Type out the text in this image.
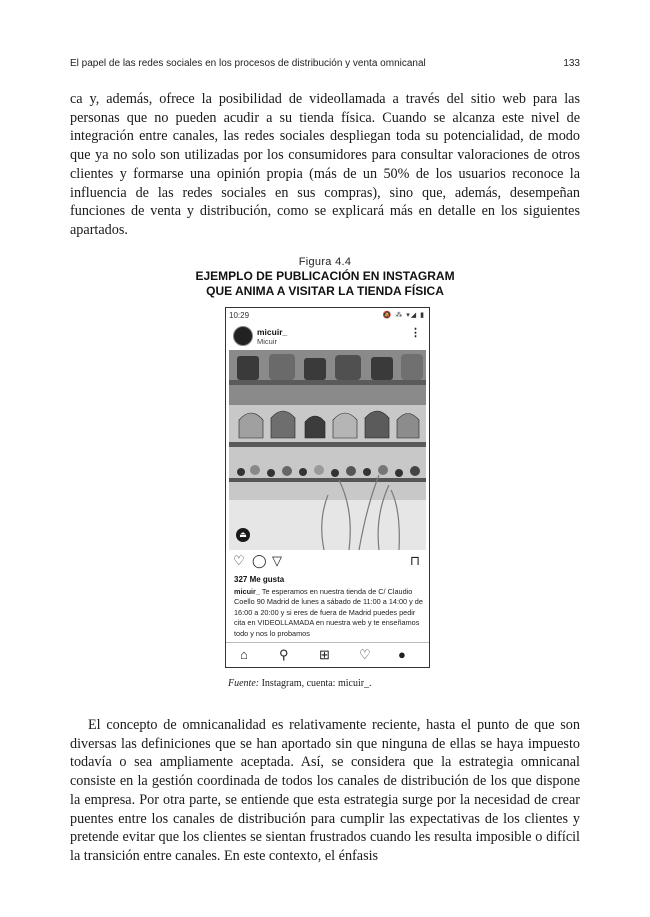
El papel de las redes sociales en los procesos de distribución y venta omnicanal	133

ca y, además, ofrece la posibilidad de videollamada a través del sitio web para las personas que no pueden acudir a su tienda física. Cuando se alcanza este nivel de integración entre canales, las redes sociales despliegan toda su potencialidad, de modo que ya no solo son utilizadas por los consumidores para consultar valoraciones de otros clientes y formarse una opinión propia (más de un 50% de los usuarios reconoce la influencia de las redes sociales en sus compras), sino que, además, desempeñan funciones de venta y distribución, como se explicará más en detalle en los siguientes apartados.

Figura 4.4
EJEMPLO DE PUBLICACIÓN EN INSTAGRAM
QUE ANIMA A VISITAR LA TIENDA FÍSICA
10:29	🔕 ⁂ ▾◢ ▮
micuir_
Micuir
⋮
⏏
♡ ◯ ▽	⊓
327 Me gusta
micuir_ Te esperamos en nuestra tienda de C/ Claudio Coello 90 Madrid de lunes a sábado de 11:00 a 14:00 y de 16:00 a 20:00 y si eres de fuera de Madrid puedes pedir cita en VIDEOLLAMADA en nuestra web y te enseñamos todo y nos lo probamos
⌂ ⚲ ⊞ ♡ ●
Fuente: Instagram, cuenta: micuir_.

El concepto de omnicanalidad es relativamente reciente, hasta el punto de que son diversas las definiciones que se han aportado sin que ninguna de ellas se haya impuesto todavía o sea ampliamente aceptada. Así, se considera que la estrategia omnicanal consiste en la gestión coordinada de todos los canales de distribución de los que dispone la empresa. Por otra parte, se entiende que esta estrategia surge por la necesidad de crear puentes entre los canales de distribución para cumplir las expectativas de los clientes y pretende evitar que los clientes se sientan frustrados cuando les resulta imposible o difícil la transición entre canales. En este contexto, el énfasis
